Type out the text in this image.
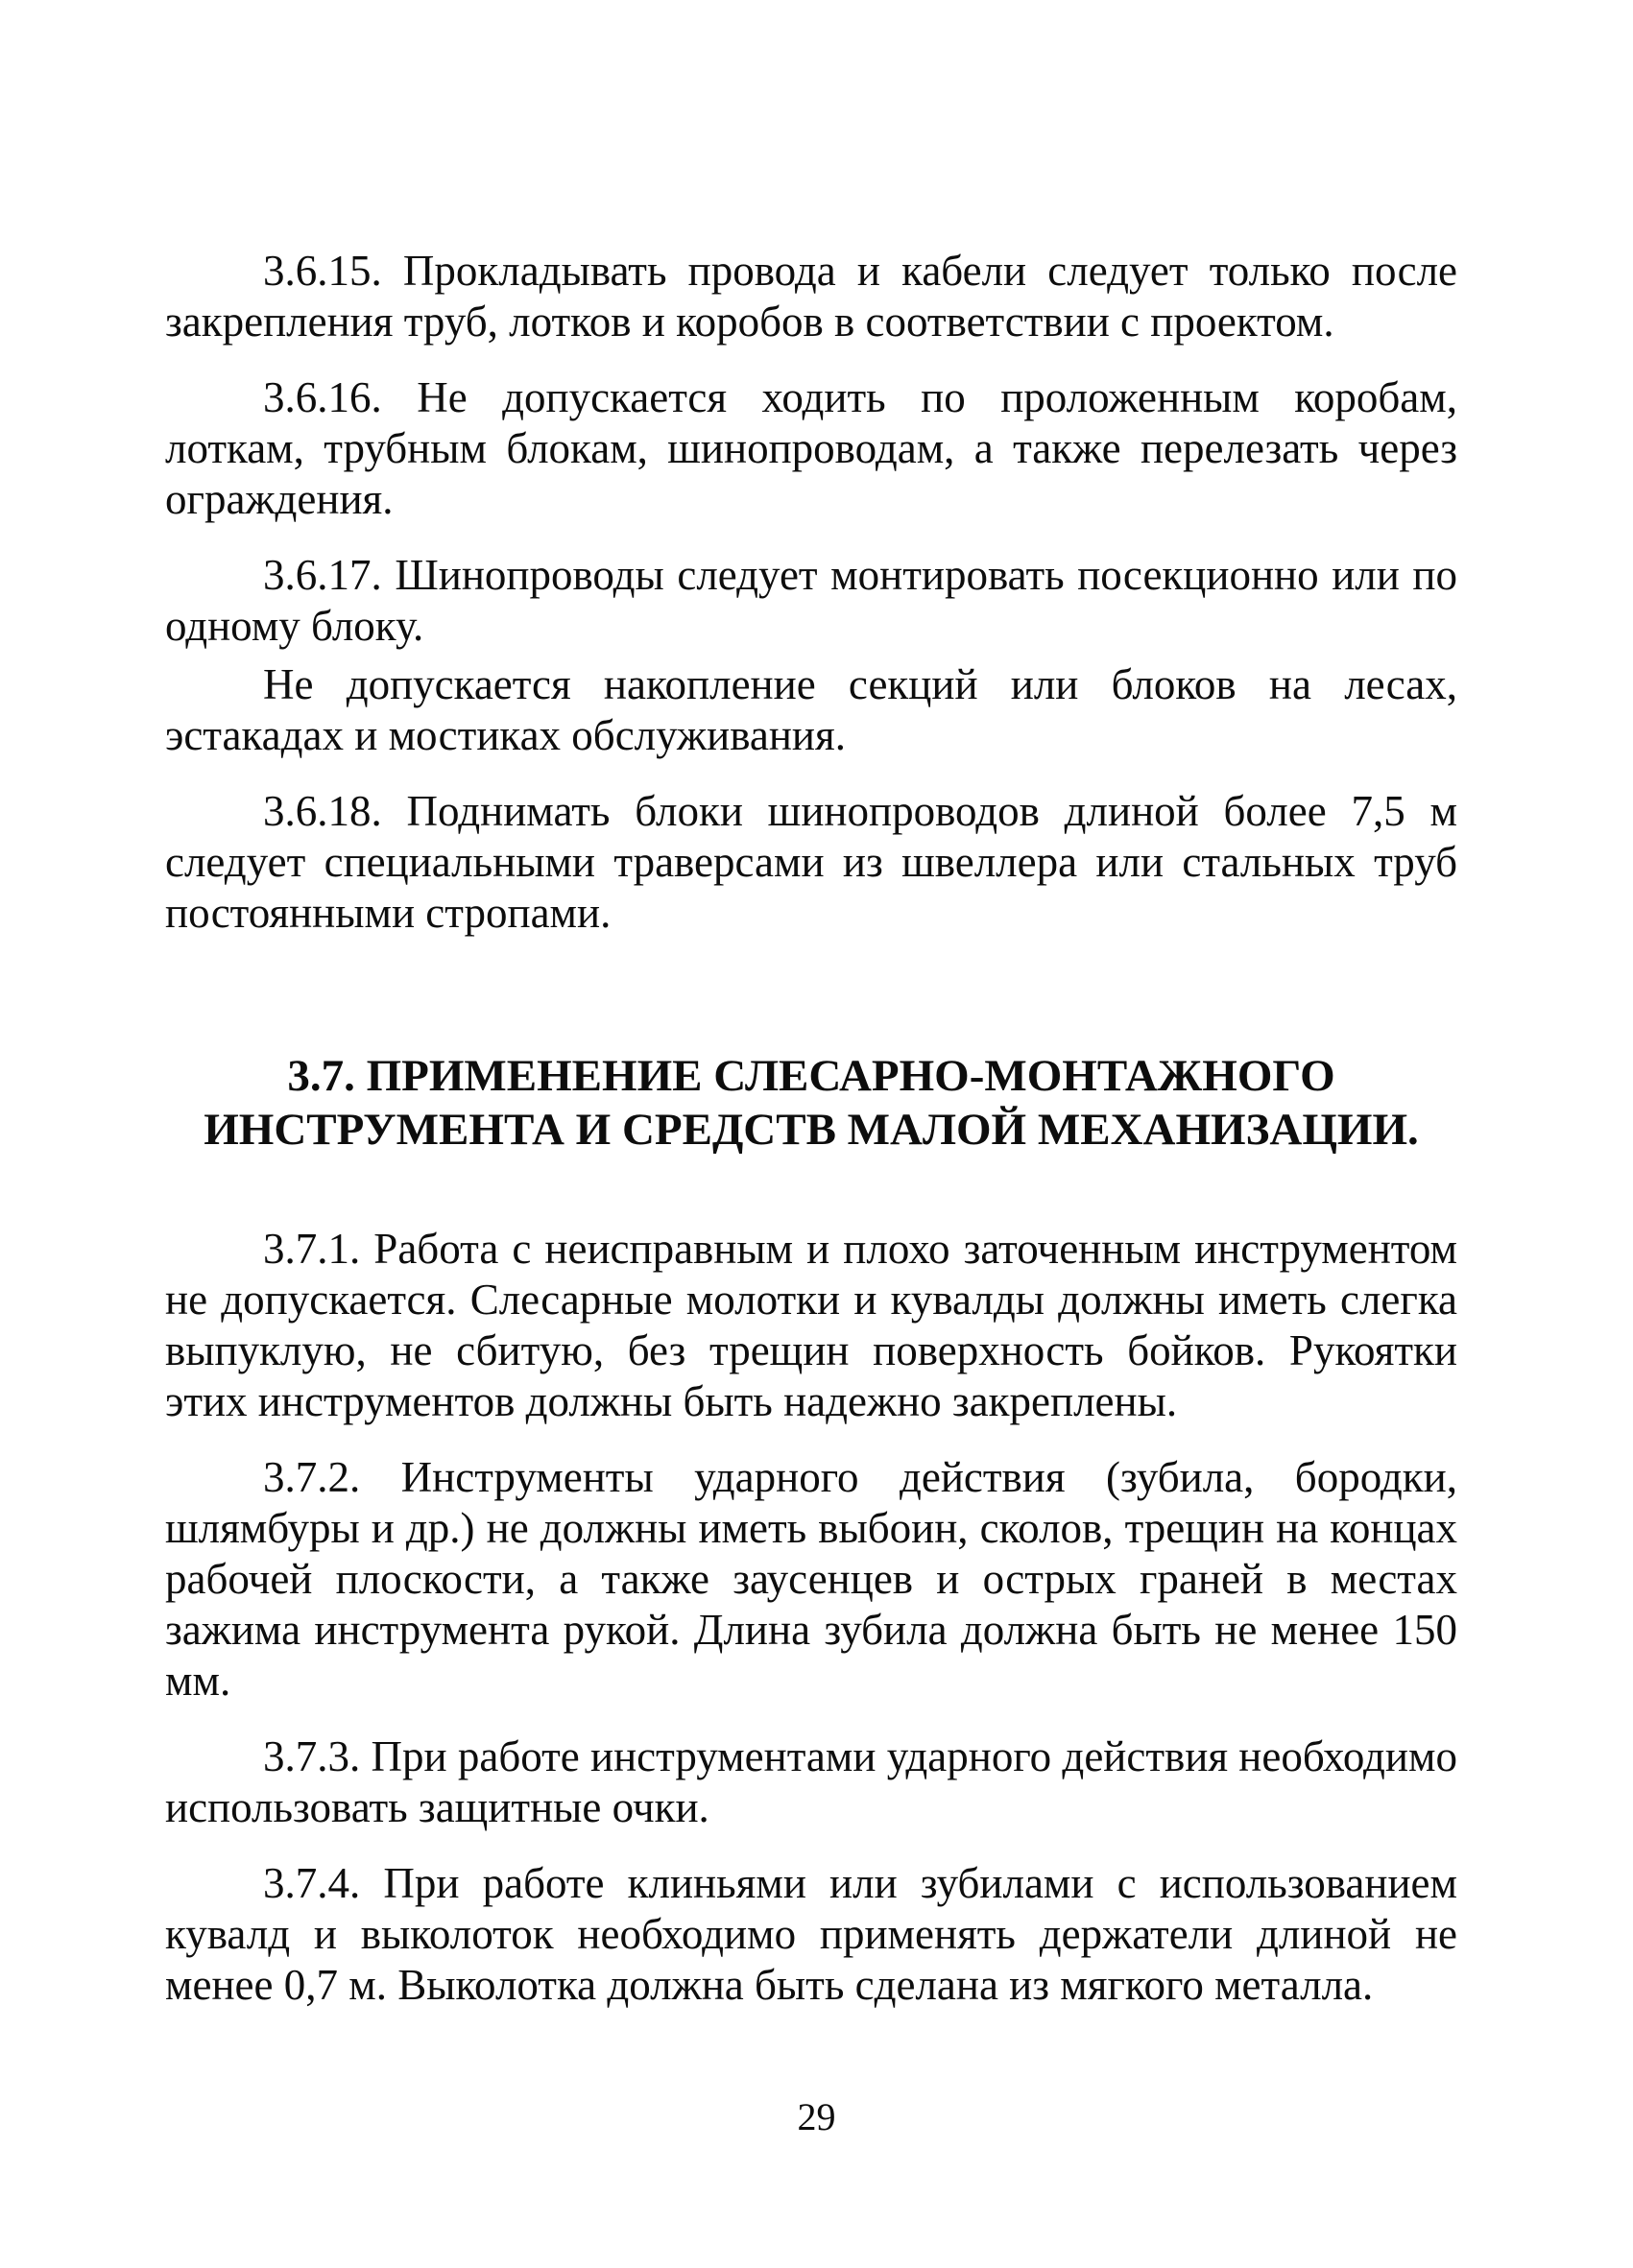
3.6.15. Прокладывать провода и кабели следует только после закрепления труб, лотков и коробов в соответствии с проектом.

3.6.16. Не допускается ходить по проложенным коробам, лоткам, трубным блокам, шинопроводам, а также перелезать через ограждения.

3.6.17. Шинопроводы следует монтировать посекционно или по одному блоку.

Не допускается накопление секций или блоков на лесах, эстакадах и мостиках обслуживания.

3.6.18. Поднимать блоки шинопроводов длиной более 7,5 м следует специальными траверсами из швеллера или стальных труб постоянными стропами.

3.7. ПРИМЕНЕНИЕ СЛЕСАРНО-МОНТАЖНОГО
ИНСТРУМЕНТА И СРЕДСТВ МАЛОЙ МЕХАНИЗАЦИИ.

3.7.1. Работа с неисправным и плохо заточенным инструментом не допускается. Слесарные молотки и кувалды должны иметь слегка выпуклую, не сбитую, без трещин поверхность бойков. Рукоятки этих инструментов должны быть надежно закреплены.

3.7.2. Инструменты ударного действия (зубила, бородки, шлямбуры и др.) не должны иметь выбоин, сколов, трещин на концах рабочей плоскости, а также заусенцев и острых граней в местах зажима инструмента рукой. Длина зубила должна быть не менее 150 мм.

3.7.3. При работе инструментами ударного действия необходимо использовать защитные очки.

3.7.4. При работе клиньями или зубилами с использованием кувалд и выколоток необходимо применять держатели длиной не менее 0,7 м. Выколотка должна быть сделана из мягкого металла.

29
